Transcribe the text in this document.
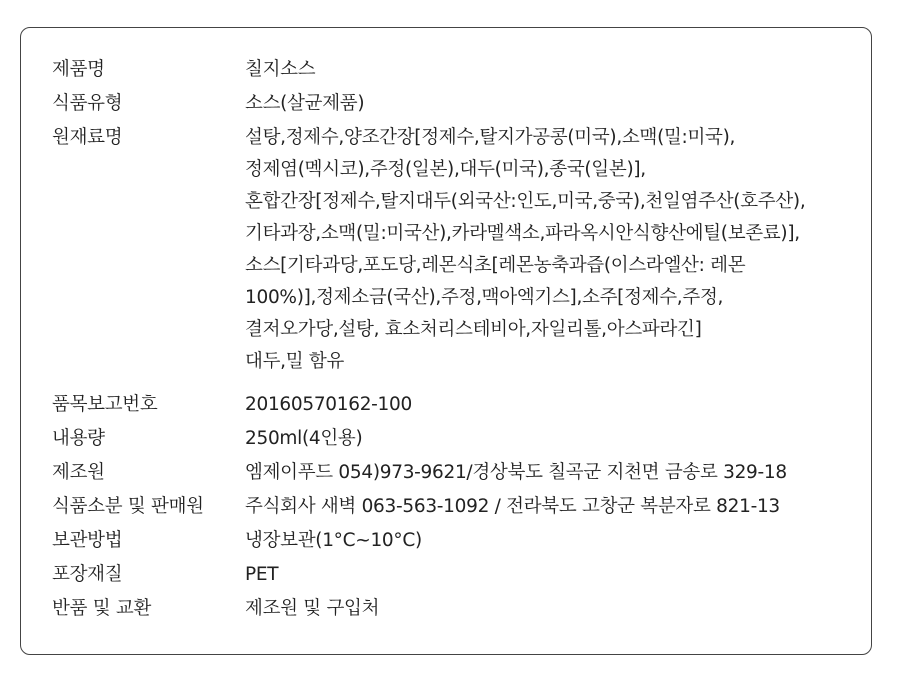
제품명	칠지소스
식품유형	소스(살균제품)
원재료명	설탕,정제수,양조간장[정제수,탈지가공콩(미국),소맥(밀:미국),
정제염(멕시코),주정(일본),대두(미국),종국(일본)],
혼합간장[정제수,탈지대두(외국산:인도,미국,중국),천일염주산(호주산),
기타과장,소맥(밀:미국산),카라멜색소,파라옥시안식향산에틸(보존료)],
소스[기타과당,포도당,레몬식초[레몬농축과즙(이스라엘산: 레몬
100%)],정제소금(국산),주정,맥아엑기스],소주[정제수,주정,
결저오가당,설탕, 효소처리스테비아,자일리톨,아스파라긴]
대두,밀 함유
품목보고번호	20160570162-100
내용량	250ml(4인용)
제조원	엠제이푸드 054)973-9621/경상북도 칠곡군 지천면 금송로 329-18
식품소분 및 판매원	주식회사 새벽 063-563-1092 / 전라북도 고창군 복분자로 821-13
보관방법	냉장보관(1°C~10°C)
포장재질	PET
반품 및 교환	제조원 및 구입처
